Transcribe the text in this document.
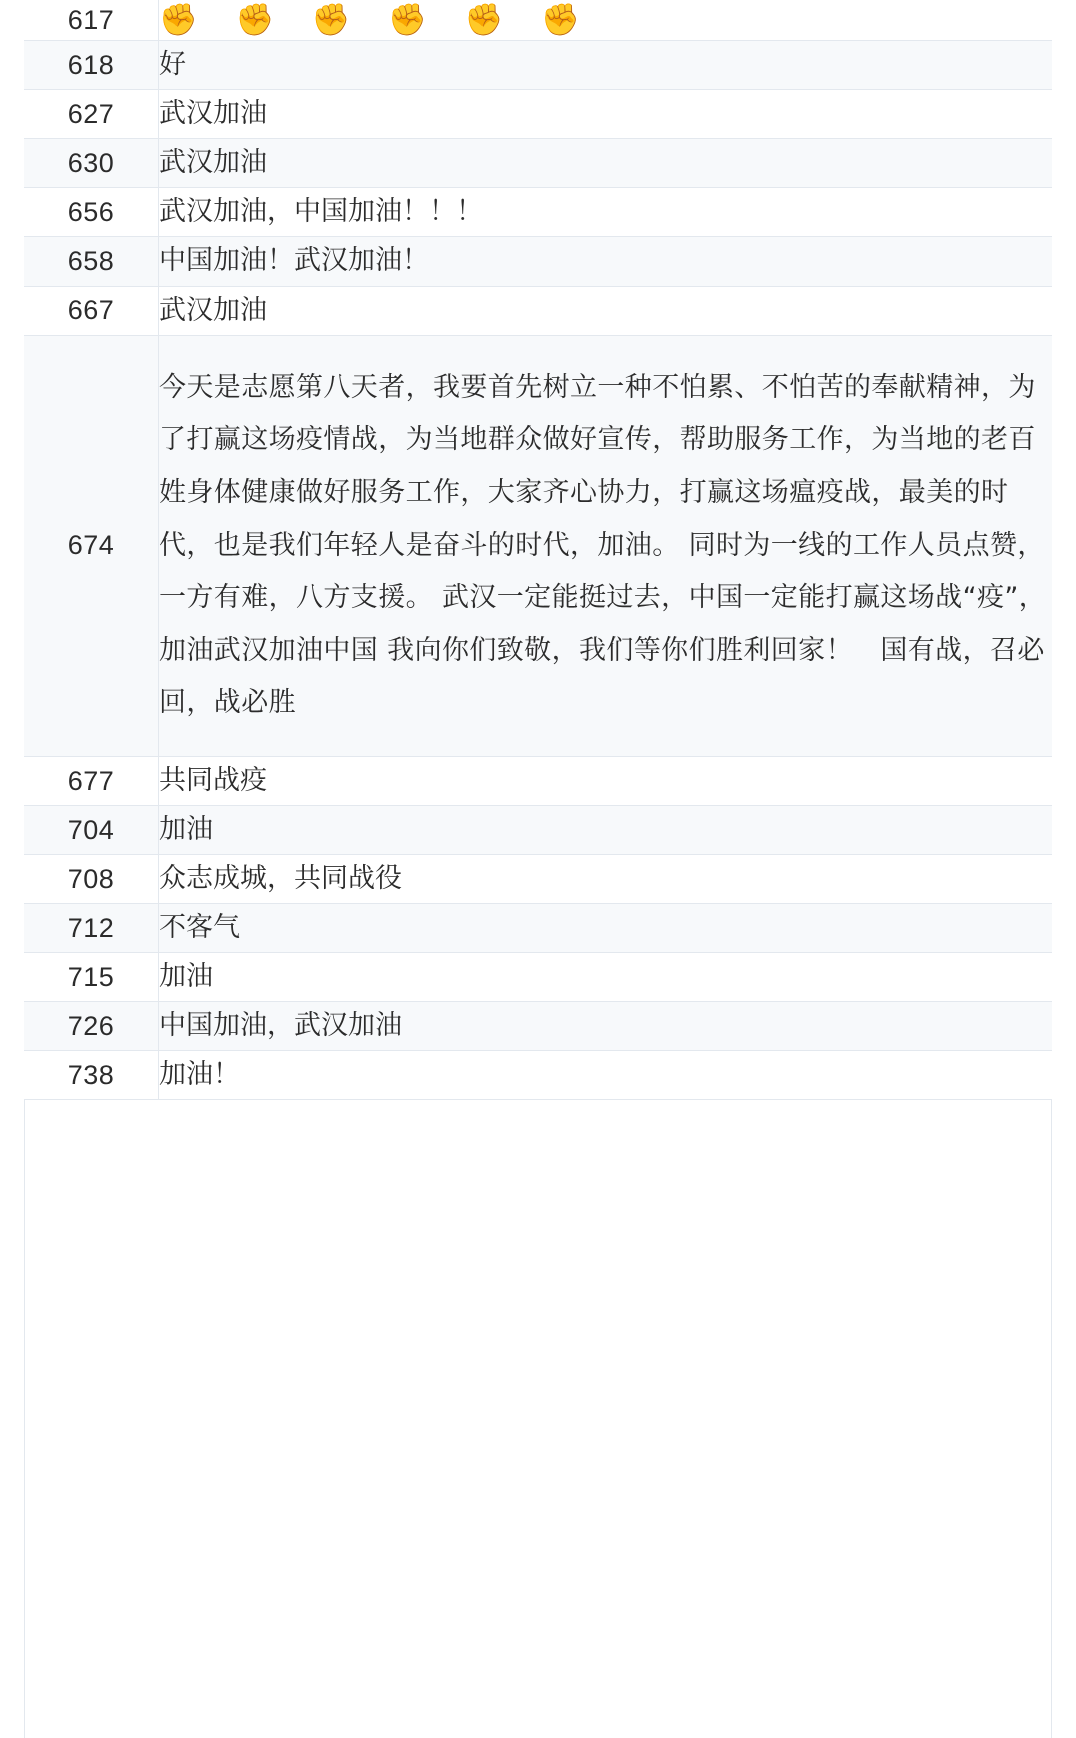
617	✊ ✊ ✊ ✊ ✊ ✊
618	好
627	武汉加油
630	武汉加油
656	武汉加油，中国加油！！！
658	中国加油！武汉加油！
667	武汉加油
674	今天是志愿第八天者，我要首先树立一种不怕累、不怕苦的奉献精神，为了打赢这场疫情战，为当地群众做好宣传，帮助服务工作，为当地的老百姓身体健康做好服务工作，大家齐心协力，打赢这场瘟疫战，最美的时代，也是我们年轻人是奋斗的时代，加油。 同时为一线的工作人员点赞，一方有难，八方支援。 武汉一定能挺过去，中国一定能打赢这场战“疫”，加油武汉加油中国 我向你们致敬，我们等你们胜利回家！　国有战，召必回，战必胜
677	共同战疫
704	加油
708	众志成城，共同战役
712	不客气
715	加油
726	中国加油，武汉加油
738	加油！
